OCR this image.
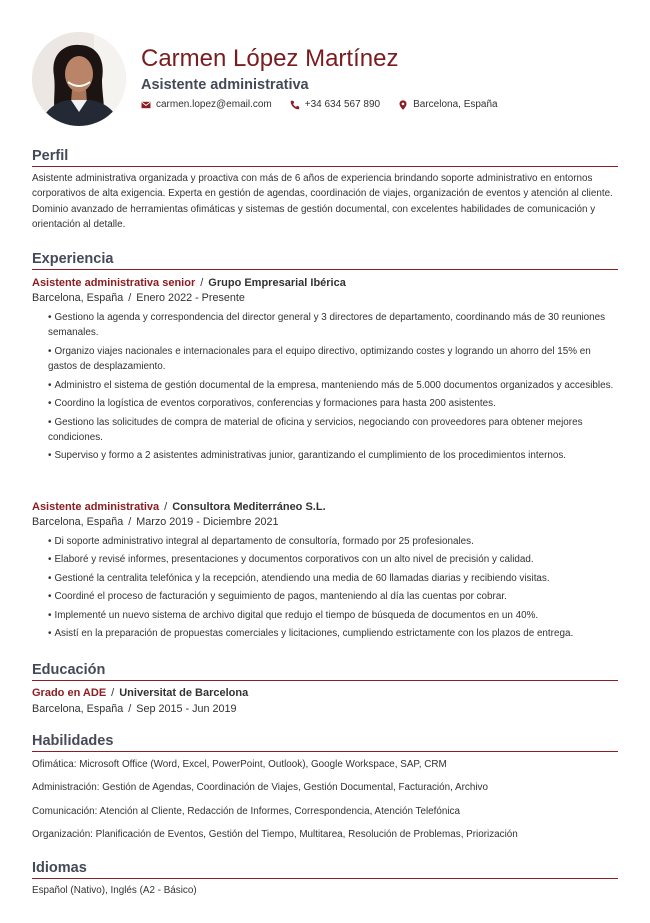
Carmen López Martínez
Asistente administrativa
carmen.lopez@email.com	+34 634 567 890	Barcelona, España
Perfil
Asistente administrativa organizada y proactiva con más de 6 años de experiencia brindando soporte administrativo en entornos corporativos de alta exigencia. Experta en gestión de agendas, coordinación de viajes, organización de eventos y atención al cliente. Dominio avanzado de herramientas ofimáticas y sistemas de gestión documental, con excelentes habilidades de comunicación y orientación al detalle.
Experiencia
Asistente administrativa senior / Grupo Empresarial Ibérica
Barcelona, España / Enero 2022 - Presente
• Gestiono la agenda y correspondencia del director general y 3 directores de departamento, coordinando más de 30 reuniones semanales.
• Organizo viajes nacionales e internacionales para el equipo directivo, optimizando costes y logrando un ahorro del 15% en gastos de desplazamiento.
• Administro el sistema de gestión documental de la empresa, manteniendo más de 5.000 documentos organizados y accesibles.
• Coordino la logística de eventos corporativos, conferencias y formaciones para hasta 200 asistentes.
• Gestiono las solicitudes de compra de material de oficina y servicios, negociando con proveedores para obtener mejores condiciones.
• Superviso y formo a 2 asistentes administrativas junior, garantizando el cumplimiento de los procedimientos internos.
Asistente administrativa / Consultora Mediterráneo S.L.
Barcelona, España / Marzo 2019 - Diciembre 2021
• Di soporte administrativo integral al departamento de consultoría, formado por 25 profesionales.
• Elaboré y revisé informes, presentaciones y documentos corporativos con un alto nivel de precisión y calidad.
• Gestioné la centralita telefónica y la recepción, atendiendo una media de 60 llamadas diarias y recibiendo visitas.
• Coordiné el proceso de facturación y seguimiento de pagos, manteniendo al día las cuentas por cobrar.
• Implementé un nuevo sistema de archivo digital que redujo el tiempo de búsqueda de documentos en un 40%.
• Asistí en la preparación de propuestas comerciales y licitaciones, cumpliendo estrictamente con los plazos de entrega.
Educación
Grado en ADE / Universitat de Barcelona
Barcelona, España / Sep 2015 - Jun 2019
Habilidades
Ofimática: Microsoft Office (Word, Excel, PowerPoint, Outlook), Google Workspace, SAP, CRM
Administración: Gestión de Agendas, Coordinación de Viajes, Gestión Documental, Facturación, Archivo
Comunicación: Atención al Cliente, Redacción de Informes, Correspondencia, Atención Telefónica
Organización: Planificación de Eventos, Gestión del Tiempo, Multitarea, Resolución de Problemas, Priorización
Idiomas
Español (Nativo), Inglés (A2 - Básico)
